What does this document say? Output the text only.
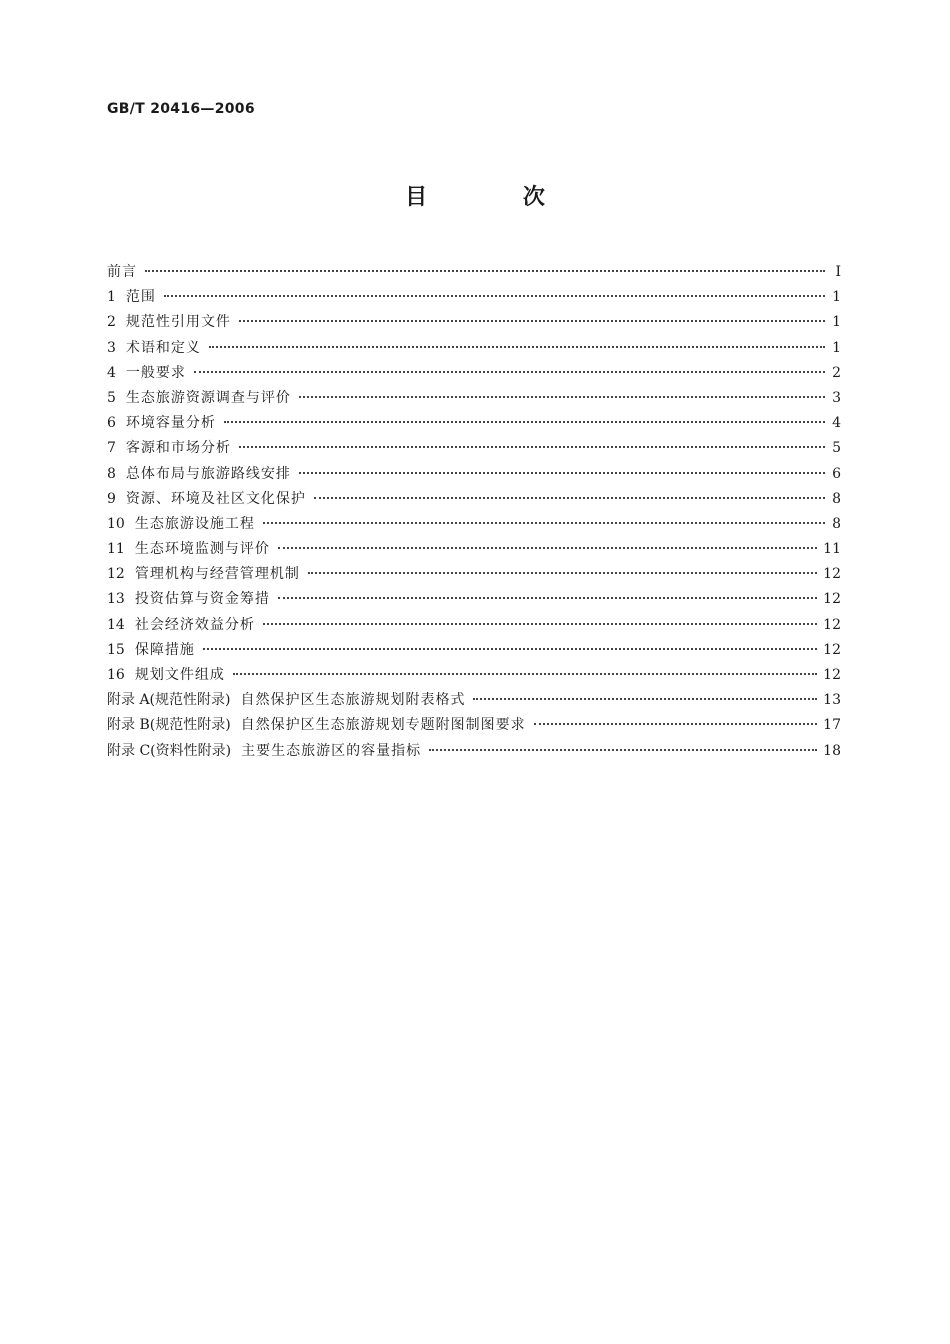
GB/T 20416—2006
目 次
前言	Ⅰ
1 范围	1
2 规范性引用文件	1
3 术语和定义	1
4 一般要求	2
5 生态旅游资源调查与评价	3
6 环境容量分析	4
7 客源和市场分析	5
8 总体布局与旅游路线安排	6
9 资源、环境及社区文化保护	8
10 生态旅游设施工程	8
11 生态环境监测与评价	11
12 管理机构与经营管理机制	12
13 投资估算与资金筹措	12
14 社会经济效益分析	12
15 保障措施	12
16 规划文件组成	12
附录 A(规范性附录) 自然保护区生态旅游规划附表格式	13
附录 B(规范性附录) 自然保护区生态旅游规划专题附图制图要求	17
附录 C(资料性附录) 主要生态旅游区的容量指标	18
